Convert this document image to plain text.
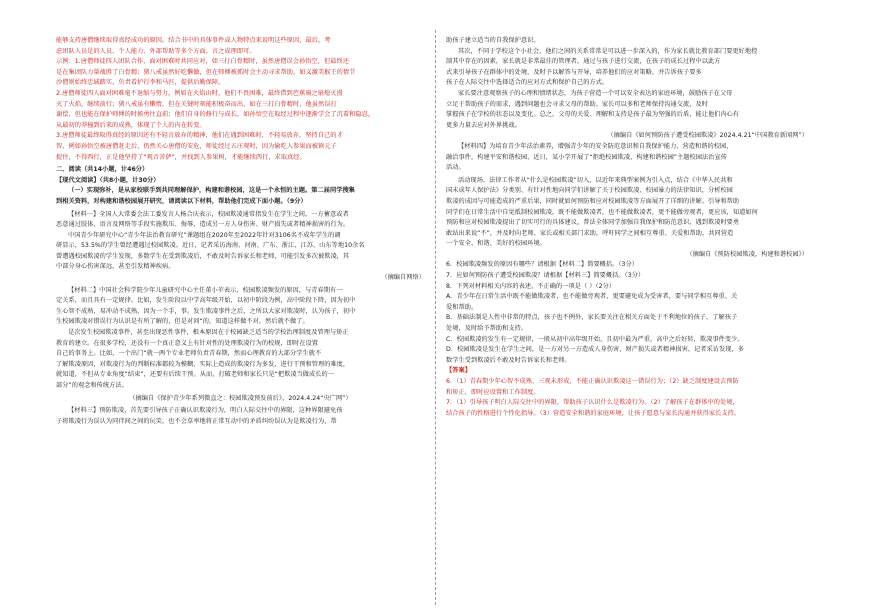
能够支持唐僧继续取得真经成功的原因。结合书中的具体事件或人物特点来说明这些原因，最后，考

虑团队人员是的人员、个人能力、外部帮助等多个方面，言之成理即可。

示例：1.唐僧师徒四人团队合作，面对困难时共同应对，如三打白骨精时，虽然唐僧误会孙悟空，但最终还

是在集团队力量战胜了白骨精；猪八戒虽然好吃懒做，但在师傅被抓时会主动寻求帮助，如义激美猴王的情节

沙僧则始终忠诚踏实，负责看护行李和马匹，提供后勤保障。

2.唐僧师徒四人面对困难毫不退缩与努力，例如在火焰山时，他们不畏困难，最终借到芭蕉扇之扇熄灭漫

灭了火焰，继续前行；猪八戒虽有懒惰，但在关键时刻能积极奋而出，如在三打白骨精时，他虽然误打

谢偿，但也能在保护师傅的时候勇往直前；他们自身的修行与成长，如孙悟空在取经过程中逐渐学会了沉着和隐忍，

从最初的莽撞到后来的成熟，体现了个人的内在转变。

3.唐僧师徒最终取得真经的原因还有不轻言放弃的精神，他们在遇到困难时，不轻易放弃，坚持自己的才

智，例如孙悟空被唐僧赶走后，仍然关心唐僧的安危，师徒经过五庄观时，因为偷吃人参果而被镇元子

捉住，不得西行，正是他坚持了“观音菩萨”，并找到人参果树，才能继续西行，求取真经。

二、阅读（共14小题，计46分）

【现代文阅读】（共8小题，计30分）

（一）实现弥补，是从家校联手到共同理解保护，构建和谐校园，这是一个永恒的主题。第二届同学搜集

到相关资料，对构建和谐校园展开研究，请阅读以下材料，帮助他们完成下面小题。（9分）

【材料一】全国人大常委会法工委发言人杨合庆表示，校园欺凌通常指发生在学生之间，一方蓄意或者

恶意通过肢体、语言及网络等手段实施欺压、侮辱，造成另一方人身伤害、财产损失或者精神损害的行为。

中国青少年研究中心“青少年法治教育研究”课题组在2020年至2022年针对3106名不成年学生的调

研显示，53.5%的学生曾经遭遇过校园欺凌。近日，记者采访海南、河南、广东、浙江、江苏、山东等地10余名

曾遭遇校园欺凌的学生发现，多数学生在受到欺凌后，不敢及时告诉家长和老师，可能引发多次被欺凌，其

中部分身心伤害深远，甚至引发精神疾病。

（摘编自网络）

【材料二】中国社会科学院少年儿童研究中心主任董小苹表示，校园欺凌频发的原因，与青春期有一

定关系，而且具有一定规律。比如，发生阶段以中学高年级开始，以初中阶段为例，高中阶段下降，因为初中

生心智不成熟，易冲动不成熟，因为一个手，事。发生欺凌事件之后，之所以大家对欺凌时，认为孩子，初中

生校园欺凌对错误行为认识是有所了解的，但是对问“的，知道这样做不对，然后就不做了。

是次发生校园欺凌事件，甚至出现恶性事件，根本原因在于校园缺乏适当的学校治理制度及管理与矫正

教育的建立。在很多学校，还没有一个真正意义上有针对性的处理欺凌行为的校规，即时在设置

自己的事务上。比如，一个出门“就一两个专业老师负责青春期，然而心理教育的大部分学生就不

了解欺凌原因，对欺凌行为的判断标准都较为模糊，实际上造成的欺凌行为多发，进行干预和管理的难度，

就知道，不但从专业角度“结束”，还要有后续干预。从而，打破老师和家长只是“把欺凌当做成长的一

部分”的观念和传统方法。

（摘编自《保护青少年系列微直之：校园欺凌预发前后》，2024.4.24“央广网”）

【材料三】预防欺凌，首先要引导孩子正确认识欺凌行为，明白人际交往中的界限，这种界限避免孩

子将欺凌行为误认为同伴间之间的玩笑，也不会草率地将正常互动中的矛盾纠纷误认为是欺凌行为，帮

助孩子建立适当的自我保护意识。

其次，不同于学校这个小社会，他们之间的关系常常是可以进一步深入的，作为家长就比教育部门要更好地控

制其中存在的因素，家长就是非常最佳的管理者。通过与孩子进行交流，在孩子的成长过程中以此方

式来引导孩子在群体中的处境，及时予以解答与开导，培养他们的应对策略，并告诉孩子要多

孩子在人际交往中选择适合的应对方式和保护自己的方式。

家长要注意观察孩子的心理和情绪状态，为孩子营造一个可以安全表达的家庭环境，鼓励孩子在父母

立足于帮助孩子的需求，遇到问题也会寻求父母的帮助。家长可以多和老师保持沟通交流，及时

掌握孩子在学校的状态以及变化。总之，父母的关爱、理解和支持是孩子最为坚强的后盾，能让他们内心有

更多力量去应对外界挑战。

（摘编自《如何预防孩子遭受校园欺凌》2024.4.21“中国教育新闻网”）

【材料四】为培育青少年法治素养，增强青少年的安全防范意识和自我保护能力，营造和谐的校园、

融洽事件，构建平安和谐校园，近日，某小学开展了“拒绝校园欺凌，构建和谐校园”主题校园法治宣传

活动。

活动现场，法律工作者从“什么是校园欺凌”切入，以近年来典型案例为引入点，结合《中华人民共和

国未成年人保护法》分类别、有针对性地向同学们讲解了关于校园欺凌、校园暴力的法律知识，分析校园

欺凌的成因与可能造成的严重后果，同时就如何预防和应对校园欺凌等方面展开了详细的讲解。引导和帮助

同学们在日常生活中自觉抵制校园欺凌，既不能做欺凌者，也不能做欺凌者，更不能做旁观者，更应该，知道如何

预防和应对校园欺凌提出了切实可行的具体建议，普法全体同学加强自我保护和防范意识，遇到欺凌时要勇

敢站出来说“不”，并及时向老师、家长或相关部门求助，呼吁同学之间相互尊重、关爱和帮助，共同营造

一个安全、和谐、美好的校园环境。

（摘编自《预防校园欺凌，构建和谐校园》）

6．校园欺凌频发的原因有哪些？请根据【材料二】简要概括。（3分）

7．应如何预防孩子遭受校园欺凌？请根据【材料三】简要概括。（3分）

8．下列对材料相关内容的表述，不正确的一项是（ ）（2分）

A．青少年在日常生活中既不能做欺凌者，也不能做旁观者，更要避免成为受害者，要与同学相互尊重、关

爱和帮助。

B．基础法制是人性中非常的特点，孩子也不例外，家长要关注在相关方面处于不利地位的孩子，了解孩子

处境，及时给予帮助和支持。

C．校园欺凌的发生有一定规律，一般从初中高年级开始，且初中最为严重，高中之后好转，欺凌事件变少。

D．校园欺凌是发生在学生之间，是一方对另一方造成人身伤害、财产损失或者精神损害，记者采访发现，多

数学生受到欺凌后不敢及时告诉家长和老师。

【答案】

6．（1）青春期少年心智不成熟、三观未形成，不能正确认识欺凌这一错误行为；（2）缺乏制度建设去预防

和矫正，即时应设置和工作制度。

7．（1）引导孩子明白人际交往中的界限，帮助孩子认识什么是欺凌行为。（2）了解孩子在群体中的处境，

结合孩子的性格进行个性化指导。（3）营造安全和谐的家庭环境，让孩子愿意与家长沟通并获得家长支持。
